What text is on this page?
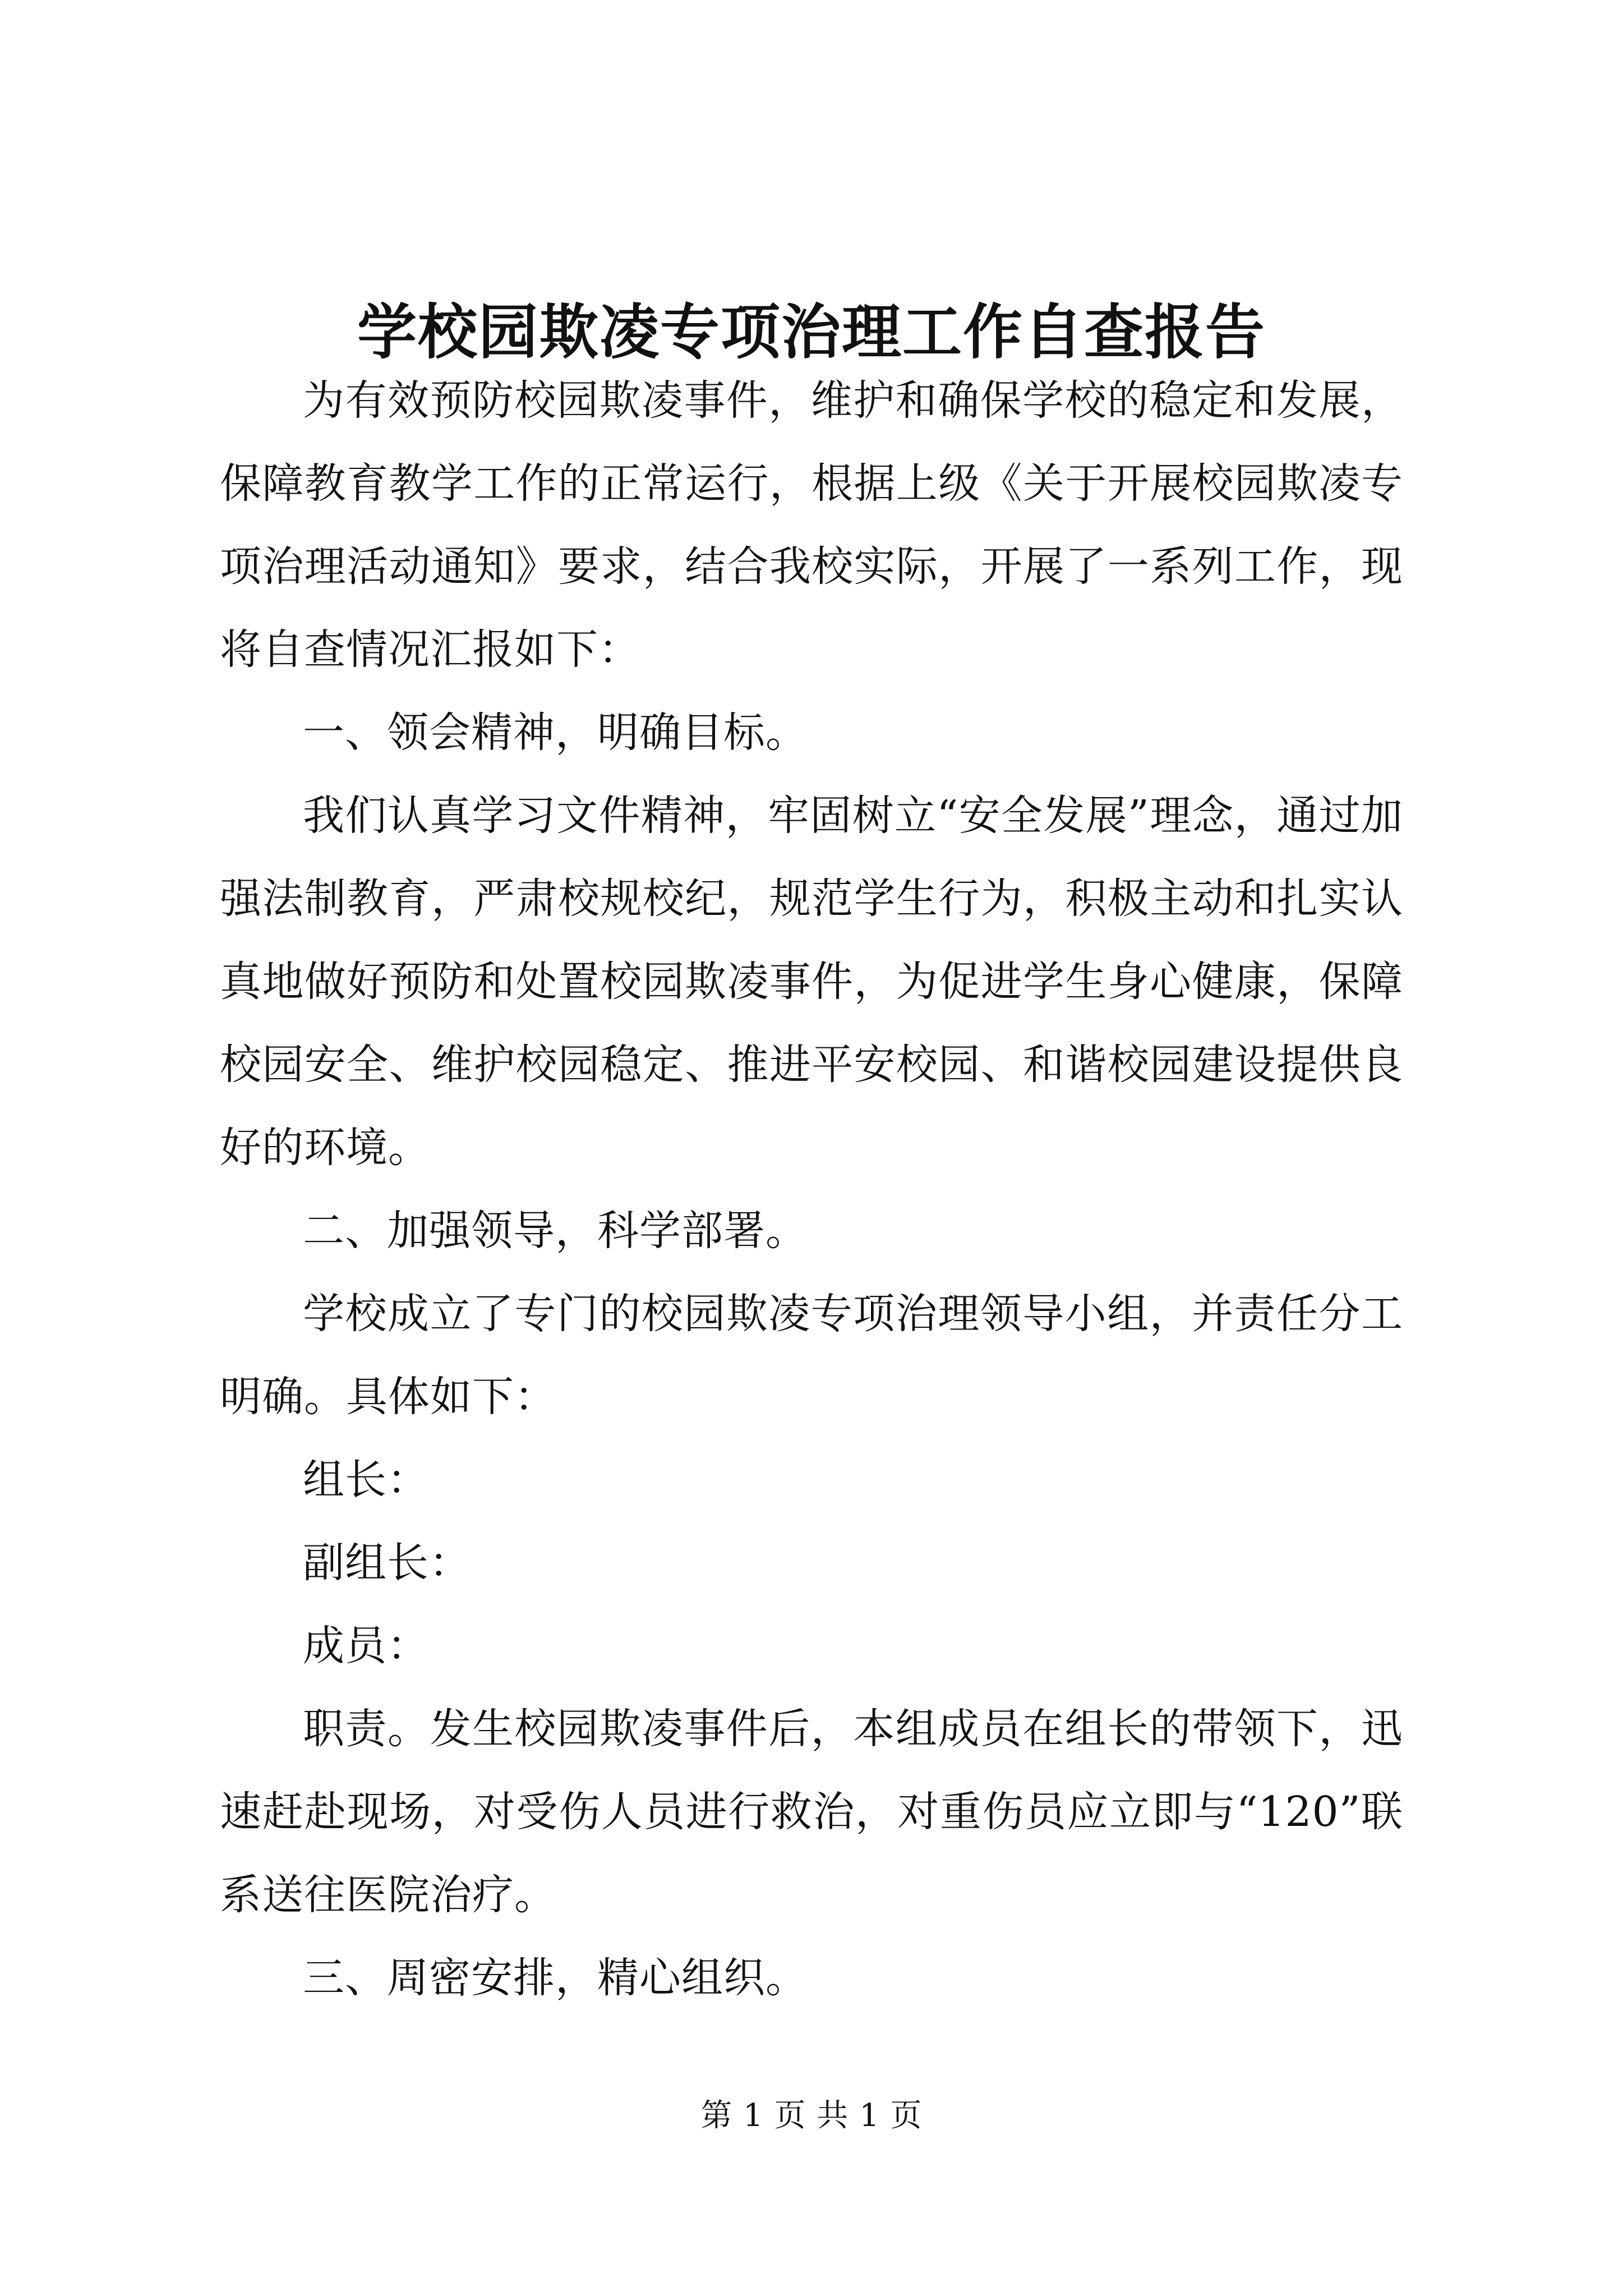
学校园欺凌专项治理工作自查报告

为有效预防校园欺凌事件，维护和确保学校的稳定和发展，保障教育教学工作的正常运行，根据上级《关于开展校园欺凌专项治理活动通知》要求，结合我校实际，开展了一系列工作，现将自查情况汇报如下：

一、领会精神，明确目标。

我们认真学习文件精神，牢固树立“安全发展”理念，通过加强法制教育，严肃校规校纪，规范学生行为，积极主动和扎实认真地做好预防和处置校园欺凌事件，为促进学生身心健康，保障校园安全、维护校园稳定、推进平安校园、和谐校园建设提供良好的环境。

二、加强领导，科学部署。

学校成立了专门的校园欺凌专项治理领导小组，并责任分工明确。具体如下：

组长：

副组长：

成员：

职责。发生校园欺凌事件后，本组成员在组长的带领下，迅速赶赴现场，对受伤人员进行救治，对重伤员应立即与“120”联系送往医院治疗。

三、周密安排，精心组织。

第 1 页 共 1 页
